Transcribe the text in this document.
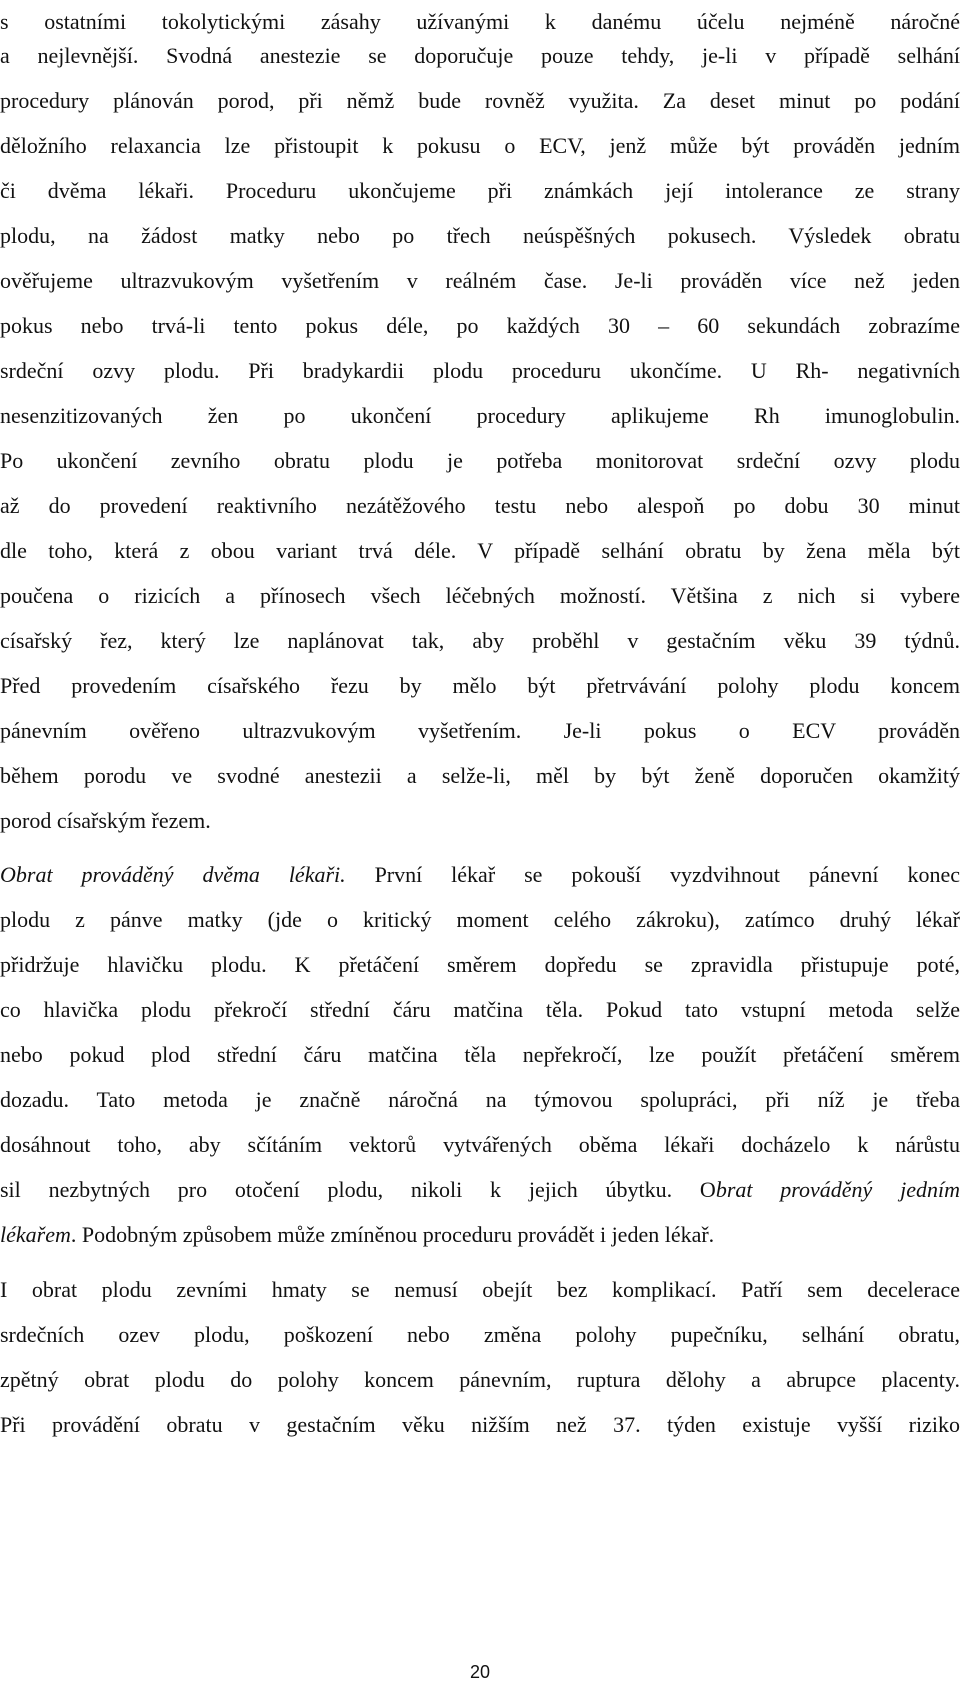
s ostatními tokolytickými zásahy užívanými k danému účelu nejméně náročné
a nejlevnější. Svodná anestezie se doporučuje pouze tehdy, je-li v případě selhání
procedury plánován porod, při němž bude rovněž využita. Za deset minut po podání
děložního relaxancia lze přistoupit k pokusu o ECV, jenž může být prováděn jedním
či dvěma lékaři. Proceduru ukončujeme při známkách její intolerance ze strany
plodu, na žádost matky nebo po třech neúspěšných pokusech. Výsledek obratu
ověřujeme ultrazvukovým vyšetřením v reálném čase. Je-li prováděn více než jeden
pokus nebo trvá-li tento pokus déle, po každých 30 – 60 sekundách zobrazíme
srdeční ozvy plodu. Při bradykardii plodu proceduru ukončíme. U Rh- negativních
nesenzitizovaných žen po ukončení procedury aplikujeme Rh imunoglobulin.
Po ukončení zevního obratu plodu je potřeba monitorovat srdeční ozvy plodu
až do provedení reaktivního nezátěžového testu nebo alespoň po dobu 30 minut
dle toho, která z obou variant trvá déle. V případě selhání obratu by žena měla být
poučena o rizicích a přínosech všech léčebných možností. Většina z nich si vybere
císařský řez, který lze naplánovat tak, aby proběhl v gestačním věku 39 týdnů.
Před provedením císařského řezu by mělo být přetrvávání polohy plodu koncem
pánevním ověřeno ultrazvukovým vyšetřením. Je-li pokus o ECV prováděn
během porodu ve svodné anestezii a selže-li, měl by být ženě doporučen okamžitý
porod císařským řezem.
Obrat prováděný dvěma lékaři. První lékař se pokouší vyzdvihnout pánevní konec
plodu z pánve matky (jde o kritický moment celého zákroku), zatímco druhý lékař
přidržuje hlavičku plodu. K přetáčení směrem dopředu se zpravidla přistupuje poté,
co hlavička plodu překročí střední čáru matčina těla. Pokud tato vstupní metoda selže
nebo pokud plod střední čáru matčina těla nepřekročí, lze použít přetáčení směrem
dozadu. Tato metoda je značně náročná na týmovou spolupráci, při níž je třeba
dosáhnout toho, aby sčítáním vektorů vytvářených oběma lékaři docházelo k nárůstu
sil nezbytných pro otočení plodu, nikoli k jejich úbytku. Obrat prováděný jedním
lékařem. Podobným způsobem může zmíněnou proceduru provádět i jeden lékař.
I obrat plodu zevními hmaty se nemusí obejít bez komplikací. Patří sem decelerace
srdečních ozev plodu, poškození nebo změna polohy pupečníku, selhání obratu,
zpětný obrat plodu do polohy koncem pánevním, ruptura dělohy a abrupce placenty.
Při provádění obratu v gestačním věku nižším než 37. týden existuje vyšší riziko
20
